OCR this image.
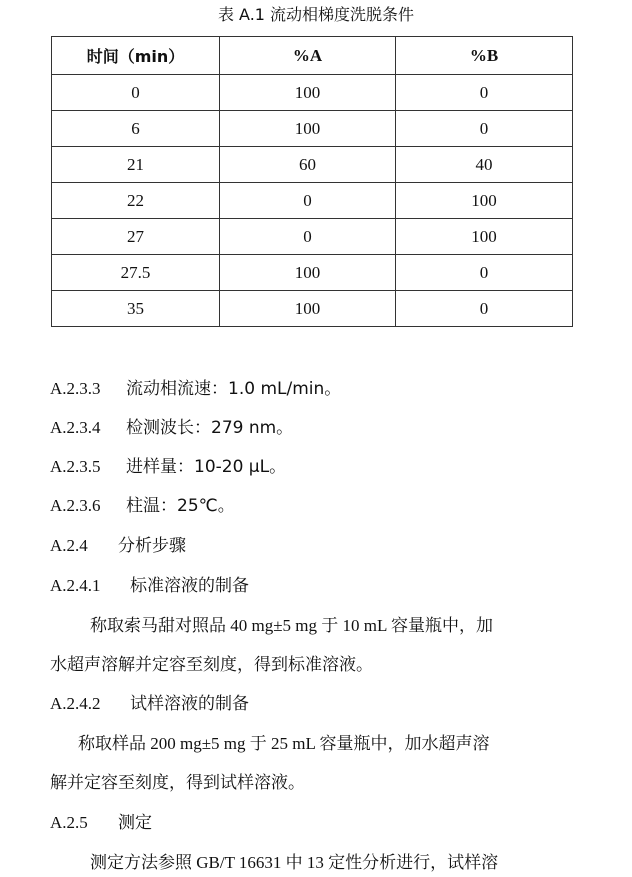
表 A.1 流动相梯度洗脱条件
时间（min）	%A	%B
0	100	0
6	100	0
21	60	40
22	0	100
27	0	100
27.5	100	0
35	100	0
A.2.3.3 流动相流速：1.0 mL/min。
A.2.3.4 检测波长：279 nm。
A.2.3.5 进样量：10-20 μL。
A.2.3.6 柱温：25℃。
A.2.4 分析步骤
A.2.4.1 标准溶液的制备
称取索马甜对照品 40 mg±5 mg 于 10 mL 容量瓶中，加
水超声溶解并定容至刻度，得到标准溶液。
A.2.4.2 试样溶液的制备
称取样品 200 mg±5 mg 于 25 mL 容量瓶中，加水超声溶
解并定容至刻度，得到试样溶液。
A.2.5 测定
测定方法参照 GB/T 16631 中 13 定性分析进行，试样溶
